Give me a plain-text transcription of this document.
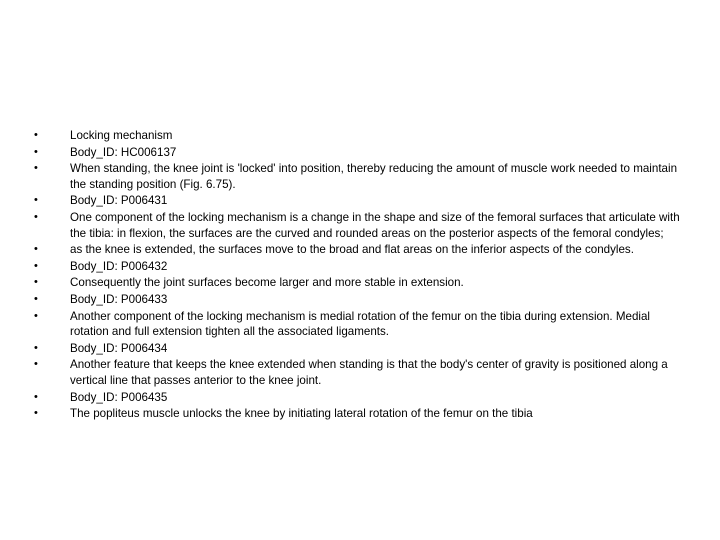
•	Locking mechanism
•	Body_ID: HC006137
•	When standing, the knee joint is 'locked' into position, thereby reducing the amount of muscle work needed to maintain the standing position (Fig. 6.75).
•	Body_ID: P006431
•	One component of the locking mechanism is a change in the shape and size of the femoral surfaces that articulate with the tibia: in flexion, the surfaces are the curved and rounded areas on the posterior aspects of the femoral condyles;
•	as the knee is extended, the surfaces move to the broad and flat areas on the inferior aspects of the condyles.
•	Body_ID: P006432
•	Consequently the joint surfaces become larger and more stable in extension.
•	Body_ID: P006433
•	Another component of the locking mechanism is medial rotation of the femur on the tibia during extension. Medial rotation and full extension tighten all the associated ligaments.
•	Body_ID: P006434
•	Another feature that keeps the knee extended when standing is that the body's center of gravity is positioned along a vertical line that passes anterior to the knee joint.
•	Body_ID: P006435
•	The popliteus muscle unlocks the knee by initiating lateral rotation of the femur on the tibia
